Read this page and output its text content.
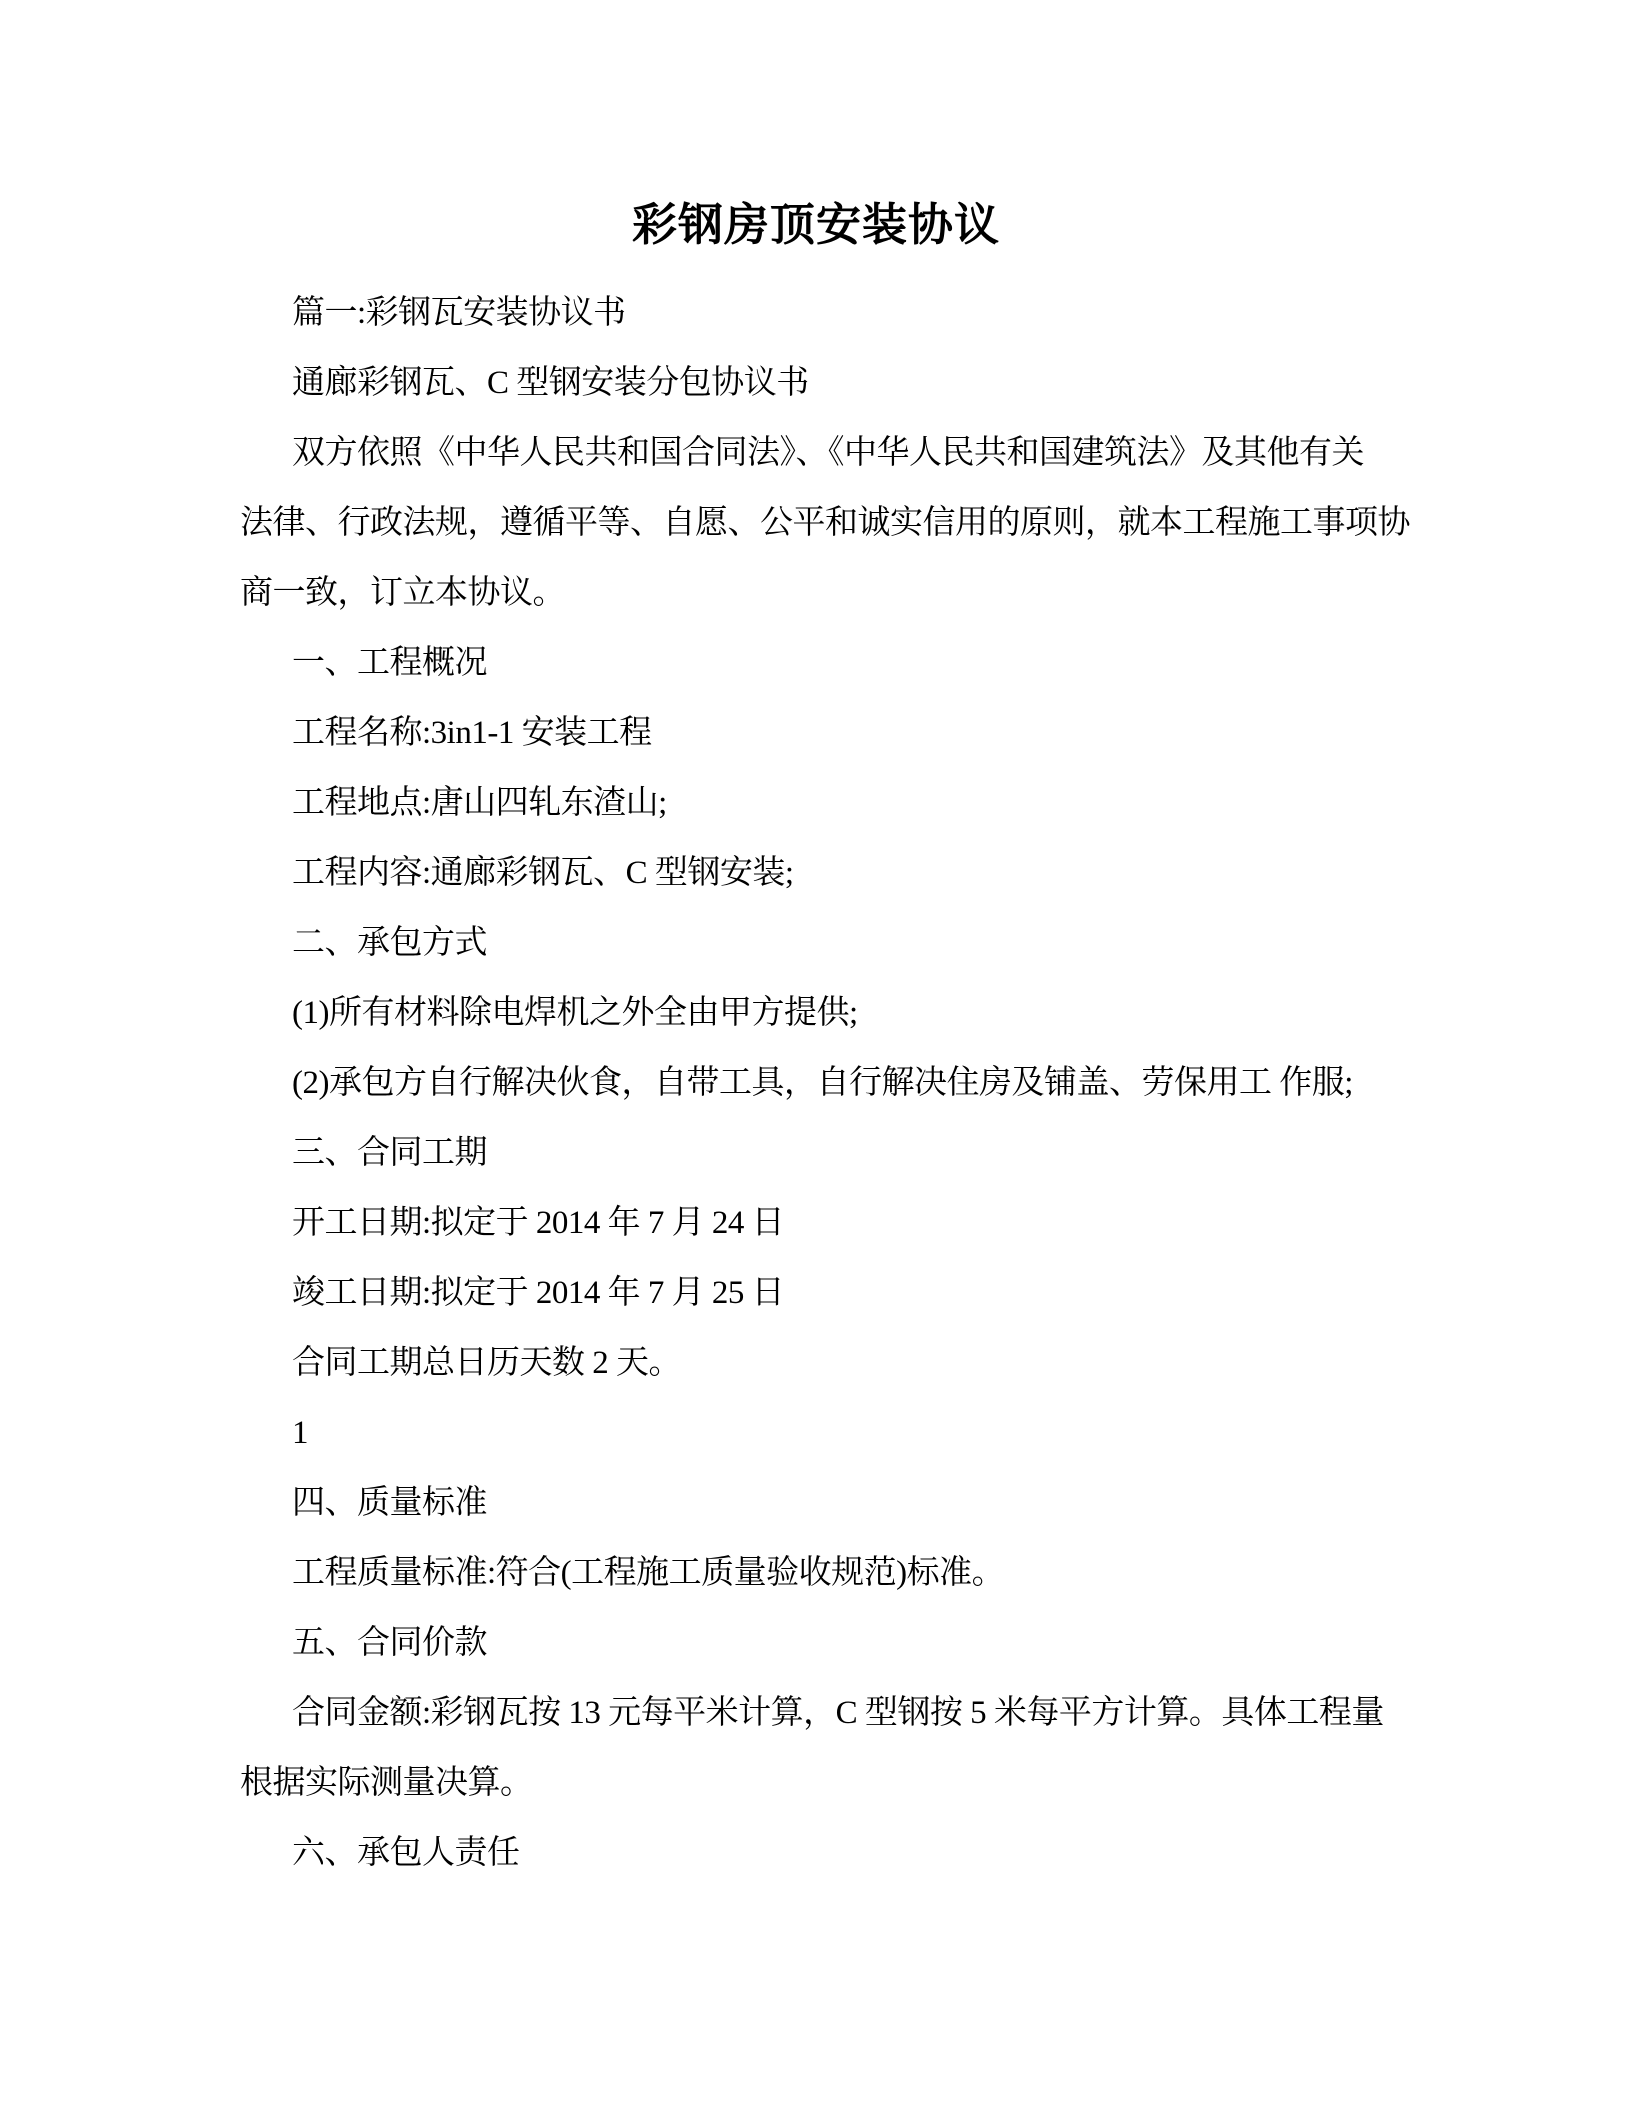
彩钢房顶安装协议

篇一:彩钢瓦安装协议书

通廊彩钢瓦、C 型钢安装分包协议书

双方依照《中华人民共和国合同法》、《中华人民共和国建筑法》及其他有关

法律、行政法规，遵循平等、自愿、公平和诚实信用的原则，就本工程施工事项协

商一致，订立本协议。

一、工程概况

工程名称:3in1-1 安装工程

工程地点:唐山四轧东渣山;

工程内容:通廊彩钢瓦、C 型钢安装;

二、承包方式

(1)所有材料除电焊机之外全由甲方提供;

(2)承包方自行解决伙食，自带工具，自行解决住房及铺盖、劳保用工 作服;

三、合同工期

开工日期:拟定于 2014 年 7 月 24 日

竣工日期:拟定于 2014 年 7 月 25 日

合同工期总日历天数 2 天。

1

四、质量标准

工程质量标准:符合(工程施工质量验收规范)标准。

五、合同价款

合同金额:彩钢瓦按 13 元每平米计算，C 型钢按 5 米每平方计算。具体工程量

根据实际测量决算。

六、承包人责任
